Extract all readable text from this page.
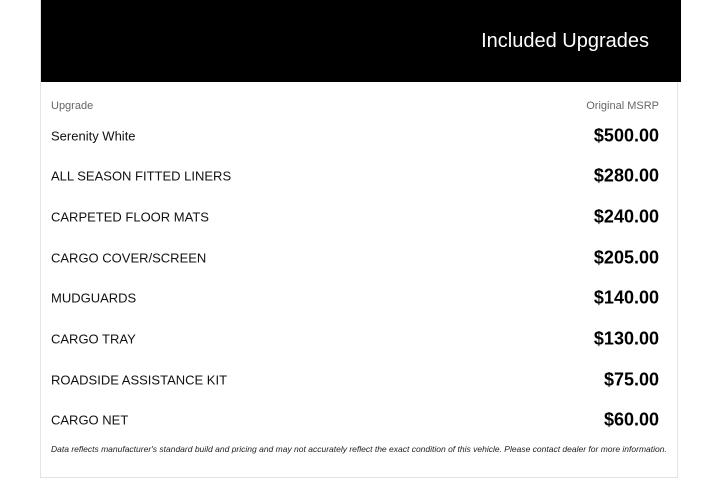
Included Upgrades
Upgrade	Original MSRP
Serenity White	$500.00
ALL SEASON FITTED LINERS	$280.00
CARPETED FLOOR MATS	$240.00
CARGO COVER/SCREEN	$205.00
MUDGUARDS	$140.00
CARGO TRAY	$130.00
ROADSIDE ASSISTANCE KIT	$75.00
CARGO NET	$60.00
Data reflects manufacturer's standard build and pricing and may not accurately reflect the exact condition of this vehicle. Please contact dealer for more information.
